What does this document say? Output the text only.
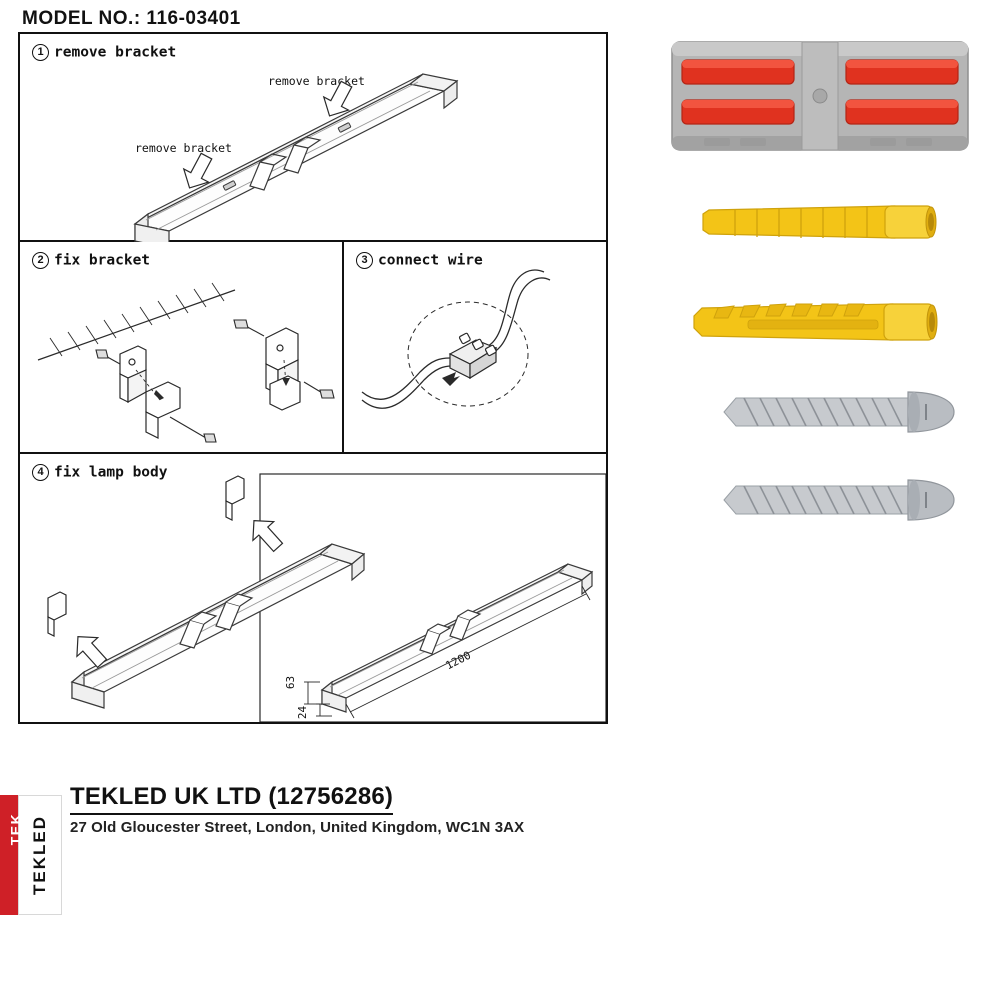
MODEL NO.: 116-03401
1 remove bracket
remove bracket
remove bracket
2 fix bracket	3 connect wire
4 fix lamp body
1200
63
24
TEKLED
TEK
TEKLED UK LTD (12756286)
27 Old Gloucester Street, London, United Kingdom, WC1N 3AX
